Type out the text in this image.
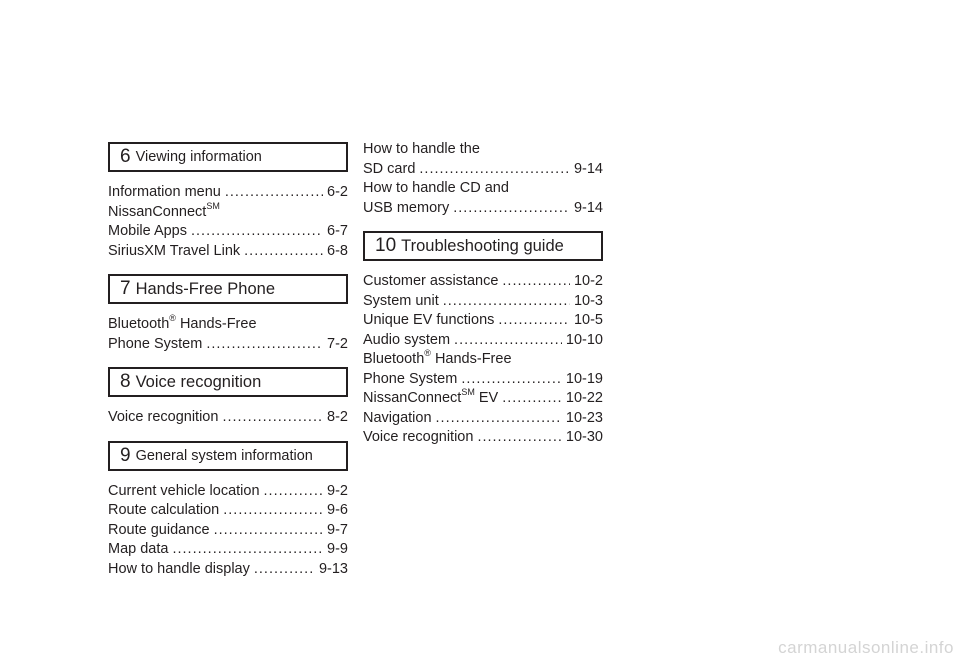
6 Viewing information
Information menu .....	6-2
NissanConnect℠
Mobile Apps .....	6-7
SiriusXM Travel Link .....	6-8
7 Hands-Free Phone
Bluetooth® Hands-Free
Phone System .....	7-2
8 Voice recognition
Voice recognition .....	8-2
9 General system information
Current vehicle location .....	9-2
Route calculation .....	9-6
Route guidance .....	9-7
Map data .....	9-9
How to handle display .....	9-13
How to handle the
SD card .....	9-14
How to handle CD and
USB memory .....	9-14
10 Troubleshooting guide
Customer assistance .....	10-2
System unit .....	10-3
Unique EV functions .....	10-5
Audio system .....	10-10
Bluetooth® Hands-Free
Phone System .....	10-19
NissanConnect℠ EV .....	10-22
Navigation .....	10-23
Voice recognition .....	10-30
carmanualsonline.info
